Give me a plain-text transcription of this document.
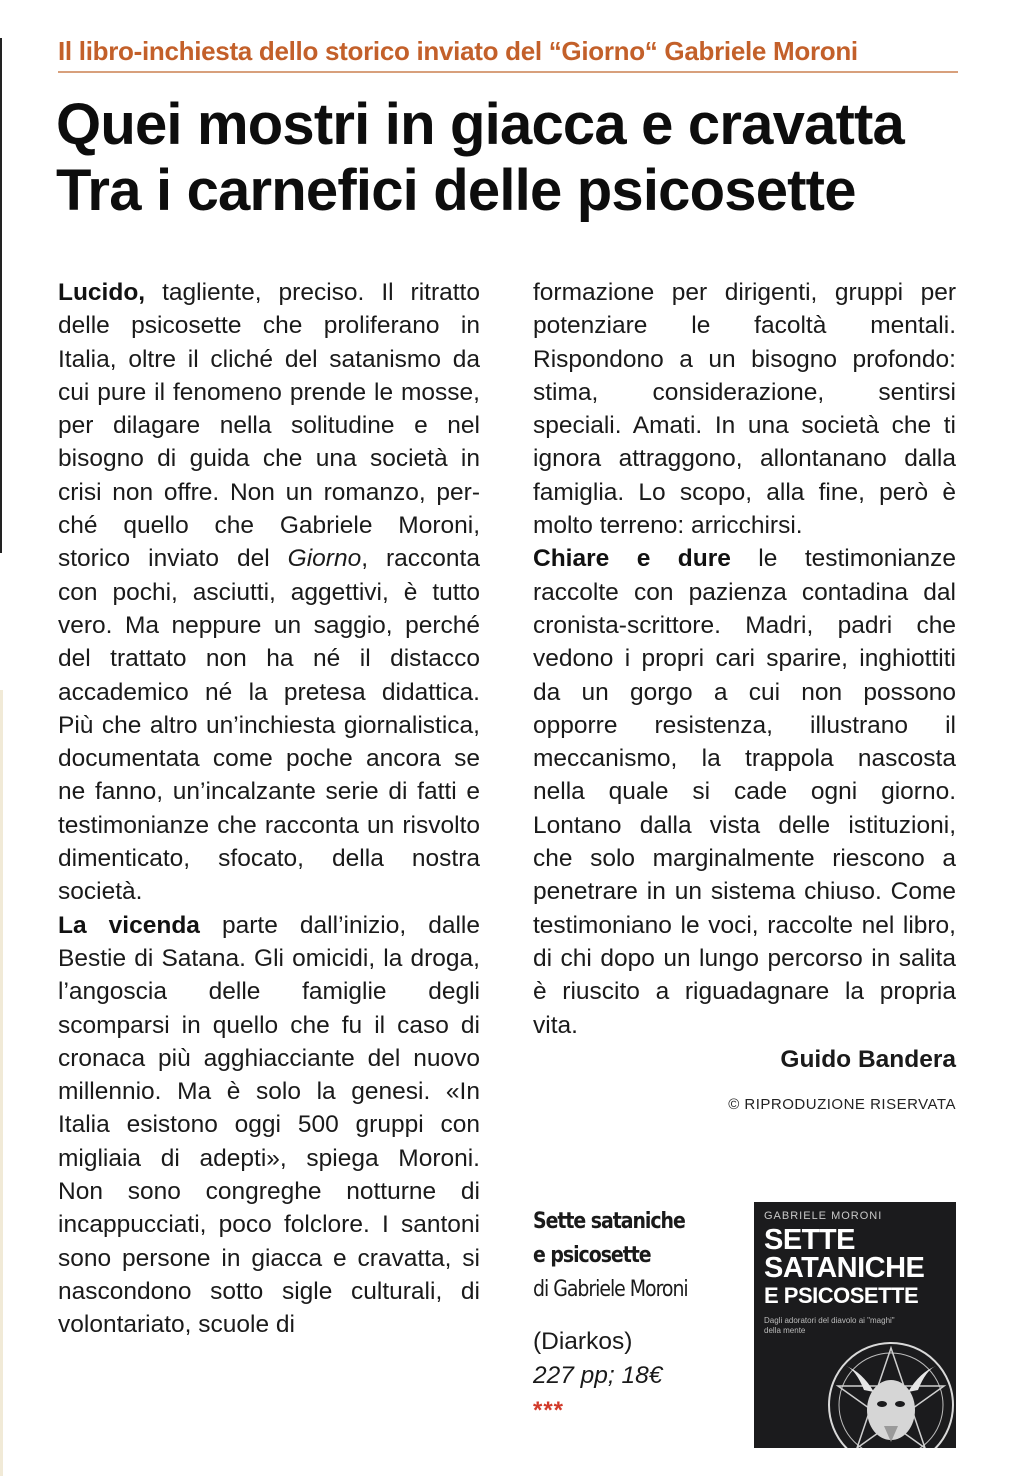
Il libro-inchiesta dello storico inviato del “Giorno“ Gabriele Moroni
Quei mostri in giacca e cravatta
Tra i carnefici delle psicosette

Lucido, tagliente, preciso. Il ritratto delle psicosette che proliferano in Italia, oltre il cliché del satanismo da cui pure il fenomeno prende le mosse, per dilagare nella solitudine e nel bisogno di guida che una società in crisi non offre. Non un romanzo, perché quello che Gabriele Moroni, storico inviato del Giorno, racconta con pochi, asciutti, aggettivi, è tutto vero. Ma neppure un saggio, perché del trattato non ha né il distacco accademico né la pretesa didattica. Più che altro un’inchiesta giornalistica, documentata come poche ancora se ne fanno, un’incalzante serie di fatti e testimonianze che racconta un risvolto dimenticato, sfocato, della nostra società.

La vicenda parte dall’inizio, dalle Bestie di Satana. Gli omicidi, la droga, l’angoscia delle famiglie degli scomparsi in quello che fu il caso di cronaca più agghiacciante del nuovo millennio. Ma è solo la genesi. «In Italia esistono oggi 500 gruppi con migliaia di adepti», spiega Moroni. Non sono congreghe notturne di incappucciati, poco folclore. I santoni sono persone in giacca e cravatta, si nascondono sotto sigle culturali, di volontariato, scuole di

formazione per dirigenti, gruppi per potenziare le facoltà mentali. Rispondono a un bisogno profondo: stima, considerazione, sentirsi speciali. Amati. In una società che ti ignora attraggono, allontanano dalla famiglia. Lo scopo, alla fine, però è molto terreno: arricchirsi.

Chiare e dure le testimonianze raccolte con pazienza contadina dal cronista-scrittore. Madri, padri che vedono i propri cari sparire, inghiottiti da un gorgo a cui non possono opporre resistenza, illustrano il meccanismo, la trappola nascosta nella quale si cade ogni giorno. Lontano dalla vista delle istituzioni, che solo marginalmente riescono a penetrare in un sistema chiuso. Come testimoniano le voci, raccolte nel libro, di chi dopo un lungo percorso in salita è riuscito a riguadagnare la propria vita.

Guido Bandera
© RIPRODUZIONE RISERVATA
Sette sataniche
e psicosette
di Gabriele Moroni
(Diarkos)
227 pp; 18€
***
GABRIELE MORONI
SETTE
SATANICHE
E PSICOSETTE
Dagli adoratori del diavolo ai "maghi" della mente
